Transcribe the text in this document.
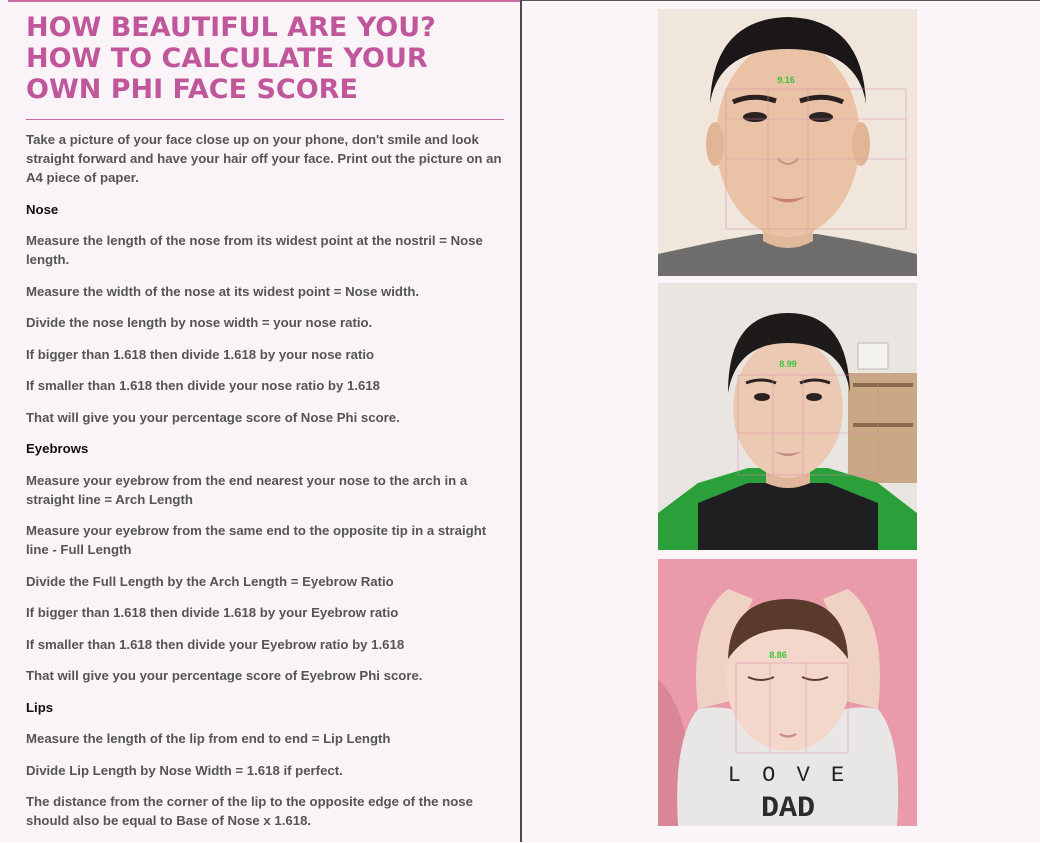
HOW BEAUTIFUL ARE YOU? HOW TO CALCULATE YOUR OWN PHI FACE SCORE

Take a picture of your face close up on your phone, don't smile and look straight forward and have your hair off your face. Print out the picture on an A4 piece of paper.

Nose

Measure the length of the nose from its widest point at the nostril = Nose length.

Measure the width of the nose at its widest point = Nose width.

Divide the nose length by nose width = your nose ratio.

If bigger than 1.618 then divide 1.618 by your nose ratio

If smaller than 1.618 then divide your nose ratio by 1.618

That will give you your percentage score of Nose Phi score.

Eyebrows

Measure your eyebrow from the end nearest your nose to the arch in a straight line = Arch Length

Measure your eyebrow from the same end to the opposite tip in a straight line - Full Length

Divide the Full Length by the Arch Length = Eyebrow Ratio

If bigger than 1.618 then divide 1.618 by your Eyebrow ratio

If smaller than 1.618 then divide your Eyebrow ratio by 1.618

That will give you your percentage score of Eyebrow Phi score.

Lips

Measure the length of the lip from end to end = Lip Length

Divide Lip Length by Nose Width = 1.618 if perfect.

The distance from the corner of the lip to the opposite edge of the nose should also be equal to Base of Nose x 1.618.

9.16
8.99
8.86
L O V E
DAD
